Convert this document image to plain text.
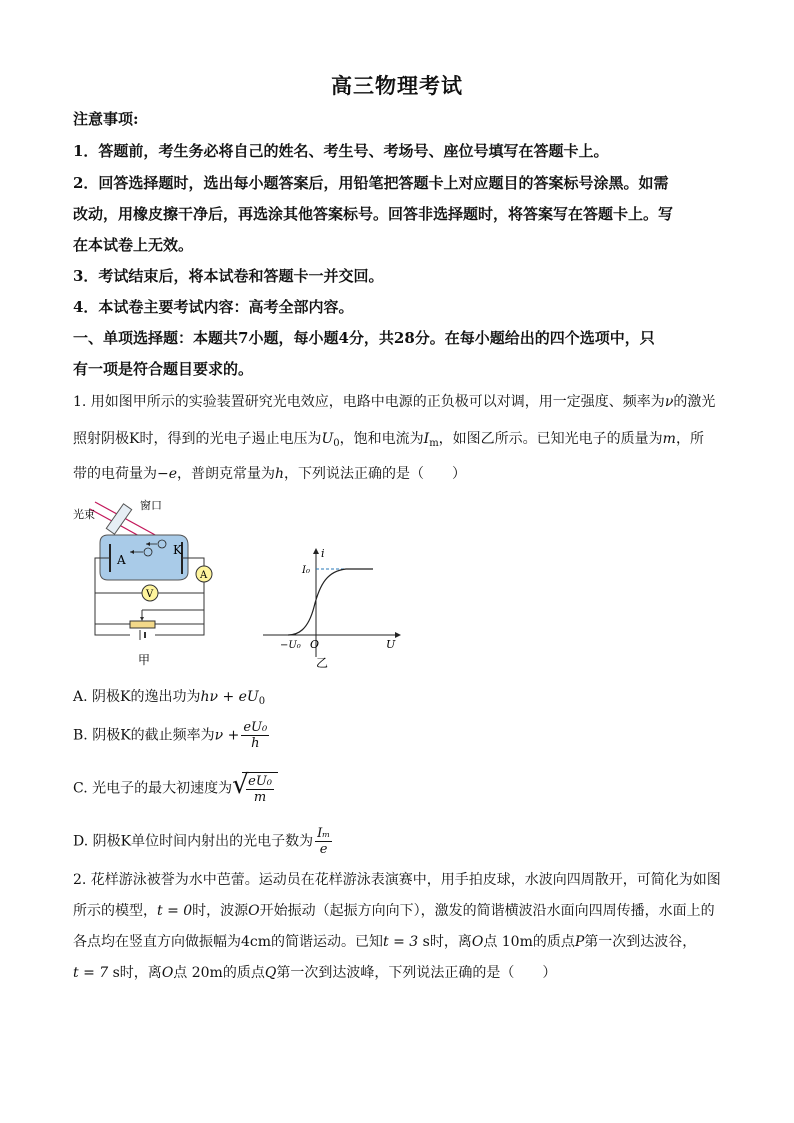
高三物理考试
注意事项:
1．答题前，考生务必将自己的姓名、考生号、考场号、座位号填写在答题卡上。
2．回答选择题时，选出每小题答案后，用铅笔把答题卡上对应题目的答案标号涂黑。如需
改动，用橡皮擦干净后，再选涂其他答案标号。回答非选择题时，将答案写在答题卡上。写
在本试卷上无效。
3．考试结束后，将本试卷和答题卡一并交回。
4．本试卷主要考试内容：高考全部内容。
一、单项选择题：本题共7小题，每小题4分，共28分。在每小题给出的四个选项中，只
有一项是符合题目要求的。
1. 用如图甲所示的实验装置研究光电效应，电路中电源的正负极可以对调，用一定强度、频率为ν的激光
照射阴极K时，得到的光电子遏止电压为$U_0$，饱和电流为$I_m$，如图乙所示。已知光电子的质量为m，所
带的电荷量为−e，普朗克常量为h，下列说法正确的是（　　）
光束
窗口
A
K
A
V
甲
i
I₀
−U₀ O	U
乙
A. 阴极K的逸出功为$h\nu + eU_0$
B. 阴极K的截止频率为$\nu + \frac{\text{eU₀}}{h}$
C. 光电子的最大初速度为 √
$\frac{\text{eU₀}}{m}$
D. 阴极K单位时间内射出的光电子数为 $\frac{\text{Iₘ}}{e}$
2. 花样游泳被誉为水中芭蕾。运动员在花样游泳表演赛中，用手拍皮球，水波向四周散开，可简化为如图
所示的模型，t = 0时，波源O开始振动（起振方向向下），激发的简谐横波沿水面向四周传播，水面上的
各点均在竖直方向做振幅为4cm的简谐运动。已知t = 3 s时，离O点 10m的质点P第一次到达波谷，
t = 7 s时，离O点 20m的质点Q第一次到达波峰，下列说法正确的是（　　）
